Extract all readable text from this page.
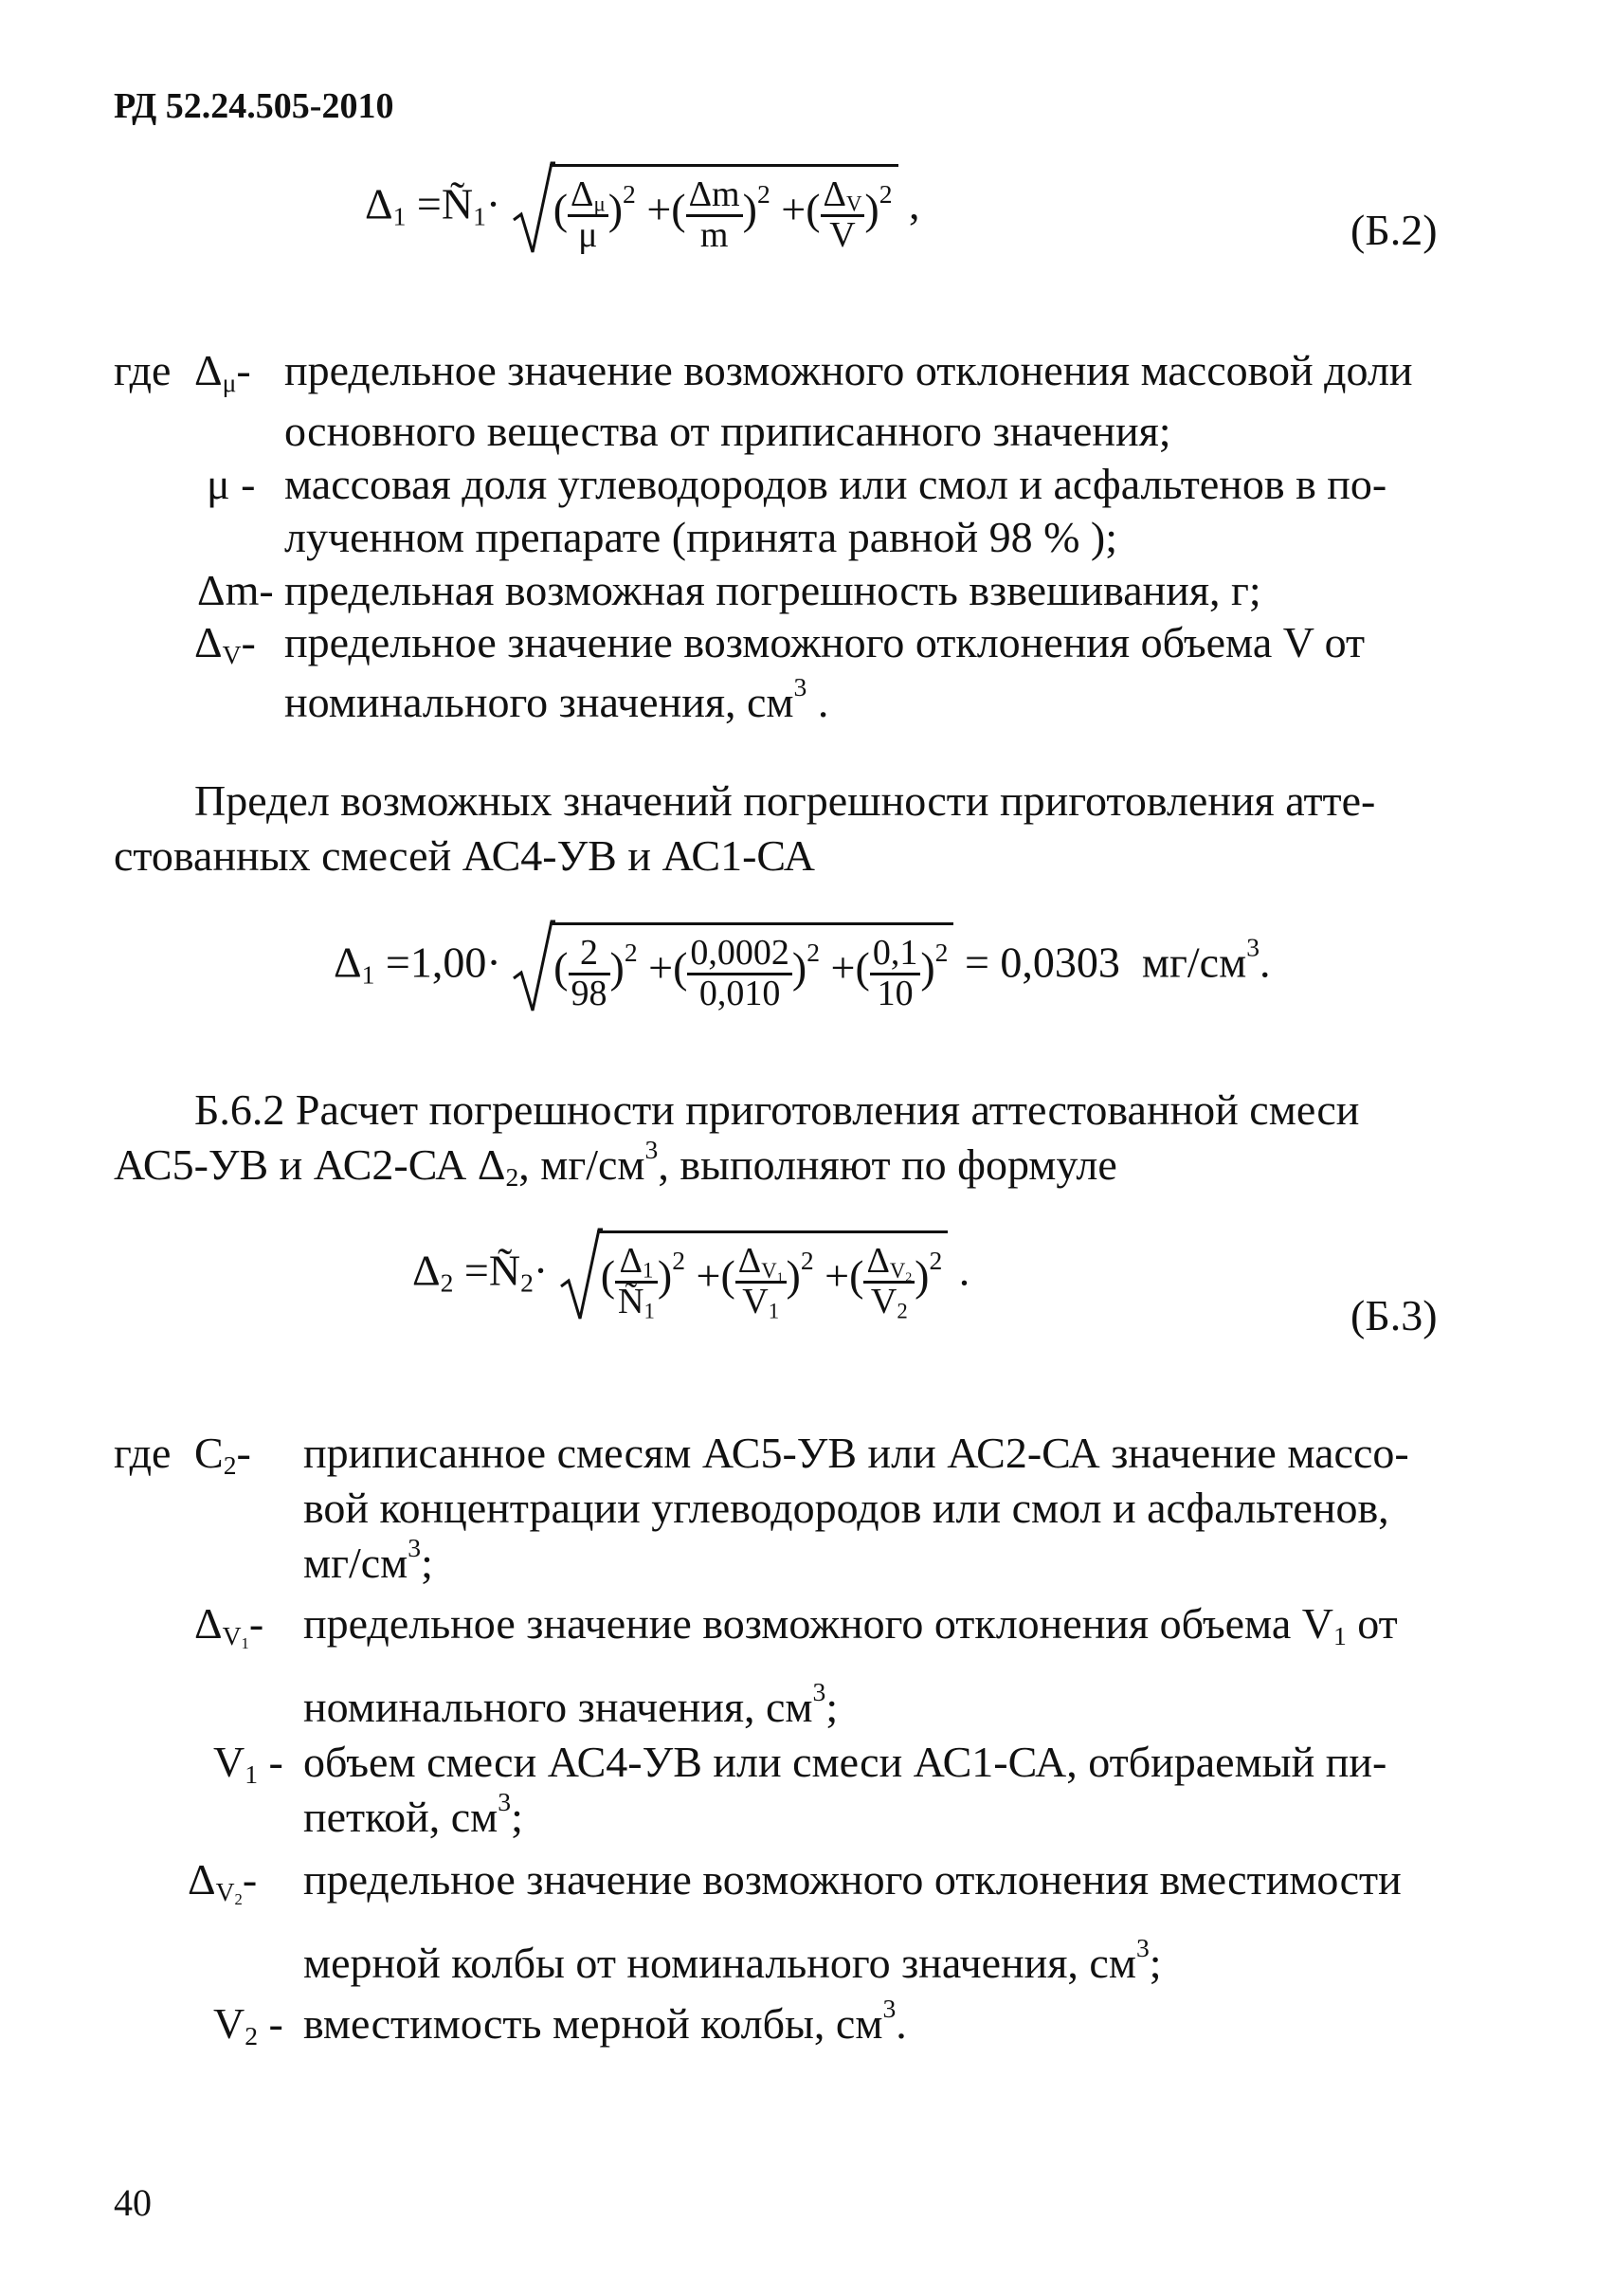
РД 52.24.505-2010
$\Delta_1$ $=Ñ_1\cdot$ ( $\frac{\Delta_\mu}{\mu} )^2$ +( $\frac{\Delta m}{m} )^2$ +( $\frac{\Delta_V}{V} )^2$ ,
(Б.2)
где $\Delta_\mu-$ предельное значение возможного отклонения массовой доли
основного вещества от приписанного значения;
μ - массовая доля углеводородов или смол и асфальтенов в по-
лученном препарате (принята равной 98 % );
Δm- предельная возможная погрешность взвешивания, г;
$\Delta_V-$ предельное значение возможного отклонения объема V от
номинального значения, $см^3$ .
Предел возможных значений погрешности приготовления атте-
стованных смесей АС4-УВ и АС1-СА
$\Delta_1 =1,00\cdot$ ( $\frac{2}{98} )^2$ +( $\frac{0,0002}{0,010} )^2$ +( $\frac{0,1}{10} )^2 = 0,0303$ $мг/см^3$.
Б.6.2 Расчет погрешности приготовления аттестованной смеси
АС5-УВ и АС2-СА $\Delta_2$, $мг/см^3$, выполняют по формуле
$\Delta_2$ $=Ñ_2\cdot$ ( $\frac{\Delta_1}{Ñ_1} )^2$ +( $\frac{\Delta_{V_1}}{V_1} )^2$ +( $\frac{\Delta_{V_2}}{V_2} )^2$ .
(Б.3)
где $C_2-$ приписанное смесям АС5-УВ или АС2-СА значение массо-
вой концентрации углеводородов или смол и асфальтенов,
$мг/см^3$;
$\Delta_{V_1}-$ предельное значение возможного отклонения объема $V_1$ от
номинального значения, $см^3$;
$V_1$ - объем смеси АС4-УВ или смеси АС1-СА, отбираемый пи-
петкой, $см^3$;
$\Delta_{V_2}-$ предельное значение возможного отклонения вместимости
мерной колбы от номинального значения, $см^3$;
$V_2$ - вместимость мерной колбы, $см^3$.
40
